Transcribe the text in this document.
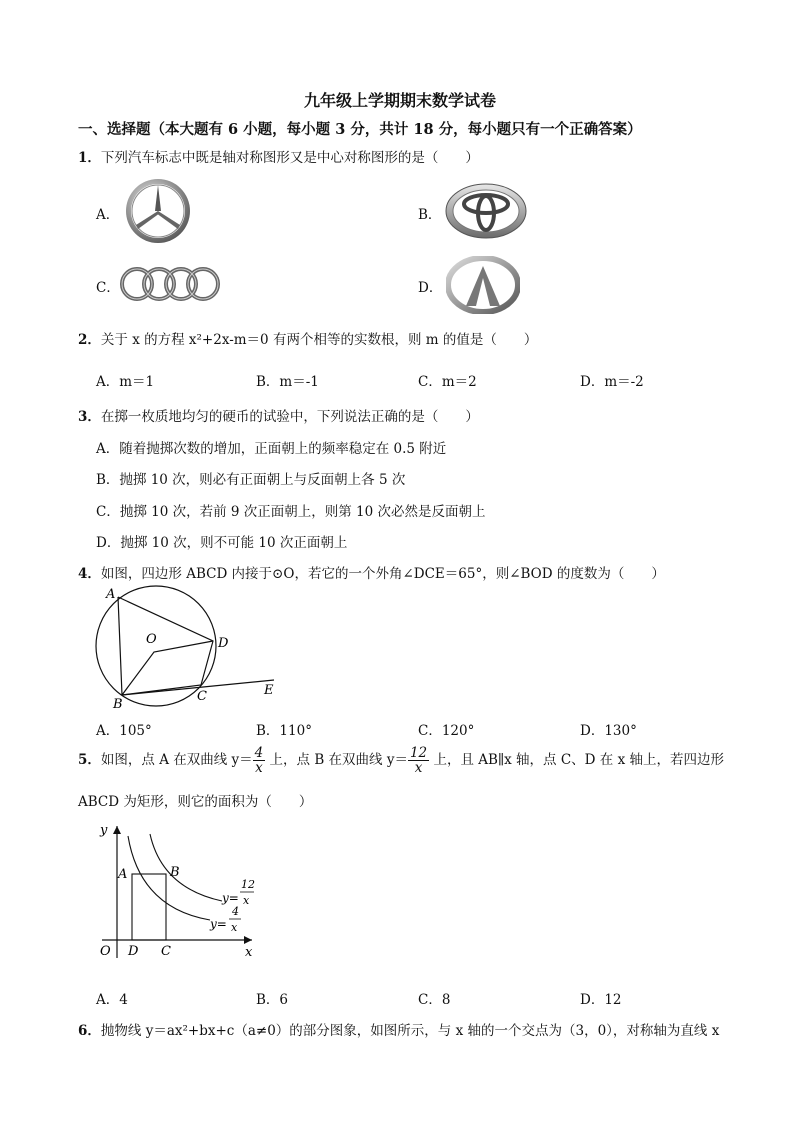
九年级上学期期末数学试卷
一、选择题（本大题有 6 小题，每小题 3 分，共计 18 分，每小题只有一个正确答案）
1．下列汽车标志中既是轴对称图形又是中心对称图形的是（　　）
A．	B．
C．	D．
2．关于 x 的方程 x²+2x-m＝0 有两个相等的实数根，则 m 的值是（　　）
A．m＝1	B．m＝-1	C．m＝2	D．m＝-2
3．在掷一枚质地均匀的硬币的试验中，下列说法正确的是（　　）
A．随着抛掷次数的增加，正面朝上的频率稳定在 0.5 附近
B．抛掷 10 次，则必有正面朝上与反面朝上各 5 次
C．抛掷 10 次，若前 9 次正面朝上，则第 10 次必然是反面朝上
D．抛掷 10 次，则不可能 10 次正面朝上
4．如图，四边形 ABCD 内接于⊙O，若它的一个外角∠DCE＝65°，则∠BOD 的度数为（　　）
A
B
C
D
E
O
A．105°	B．110°	C．120°	D．130°
5．如图，点 A 在双曲线 $y= \frac{4}{x}$ 上，点 B 在双曲线 $y= \frac{12}{x}$ 上，且 AB∥x 轴，点 C、D 在 x 轴上，若四边形
ABCD 为矩形，则它的面积为（　　）
y
x
O
A	B
C
D
y=
12
x
y=
4
x
A．4	B．6	C．8	D．12
6．抛物线 y＝ax²+bx+c（a≠0）的部分图象，如图所示，与 x 轴的一个交点为（3，0），对称轴为直线 x
